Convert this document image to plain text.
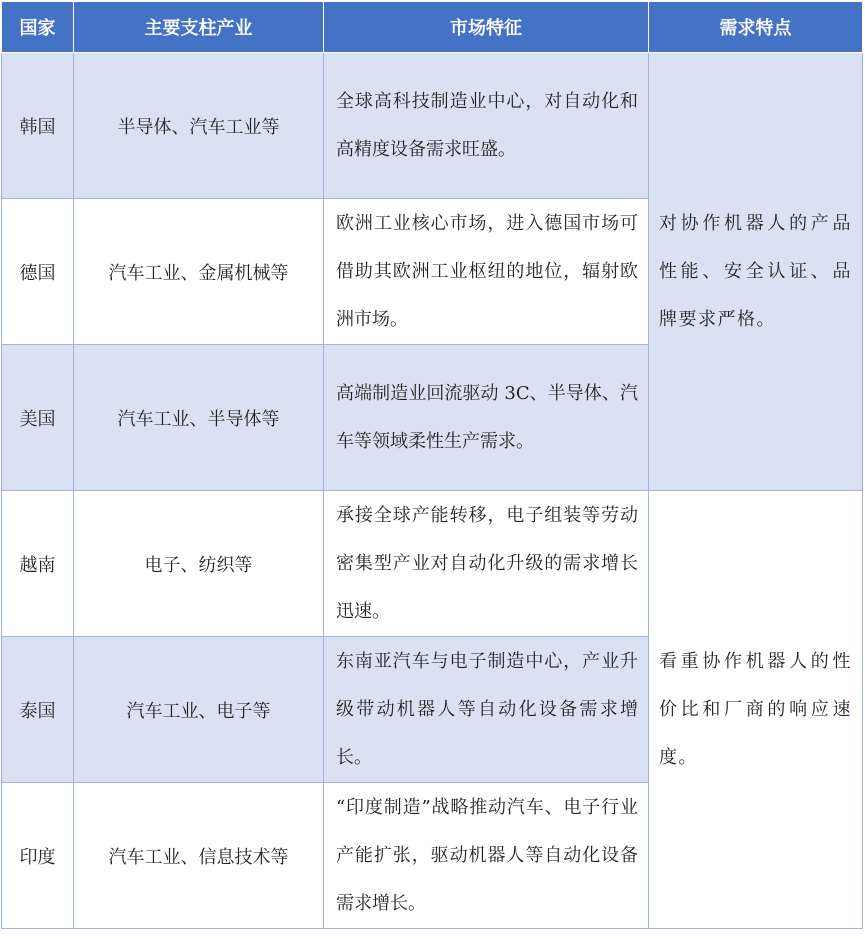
国家	主要支柱产业	市场特征	需求特点
韩国	半导体、汽车工业等	全球高科技制造业中心，对自动化和高精度设备需求旺盛。	对协作机器人的产品性能、安全认证、品牌要求严格。
德国	汽车工业、金属机械等	欧洲工业核心市场，进入德国市场可借助其欧洲工业枢纽的地位，辐射欧洲市场。	
美国	汽车工业、半导体等	高端制造业回流驱动 3C、半导体、汽车等领域柔性生产需求。	
越南	电子、纺织等	承接全球产能转移，电子组装等劳动密集型产业对自动化升级的需求增长迅速。	看重协作机器人的性价比和厂商的响应速度。
泰国	汽车工业、电子等	东南亚汽车与电子制造中心，产业升级带动机器人等自动化设备需求增长。	
印度	汽车工业、信息技术等	“印度制造”战略推动汽车、电子行业产能扩张，驱动机器人等自动化设备需求增长。	
